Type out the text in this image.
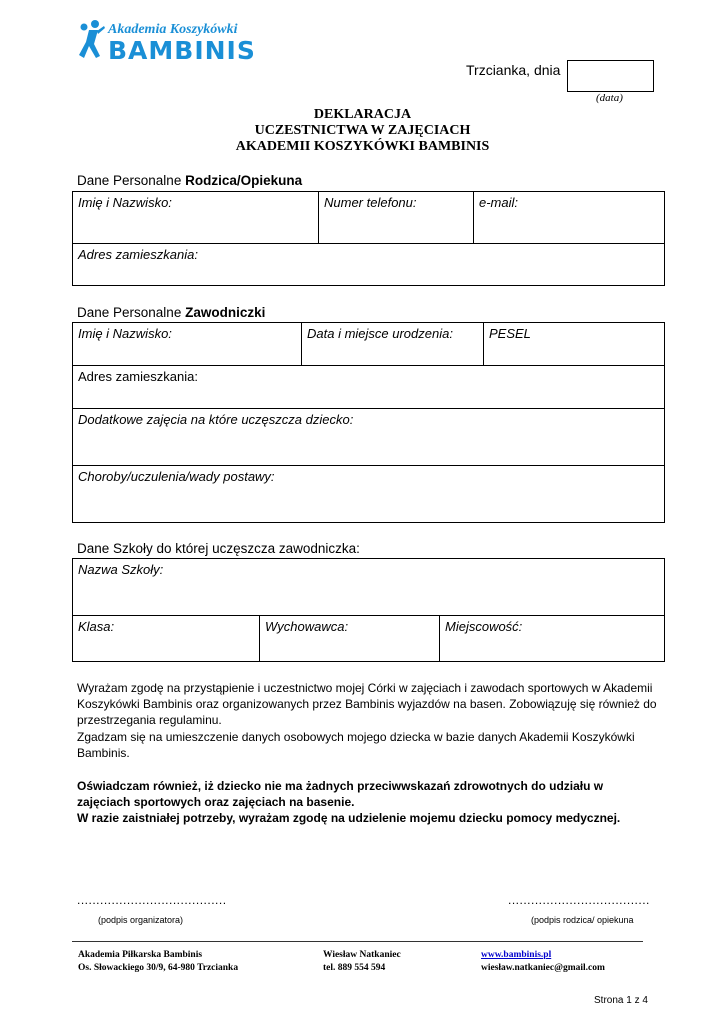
Akademia Koszykówki
BAMBINIS
Trzcianka, dnia
(data)
DEKLARACJA
UCZESTNICTWA W ZAJĘCIACH
AKADEMII KOSZYKÓWKI BAMBINIS
Dane Personalne Rodzica/Opiekuna
Imię i Nazwisko:	Numer telefonu:	e-mail:
Adres zamieszkania:
Dane Personalne Zawodniczki
Imię i Nazwisko:	Data i miejsce urodzenia:	PESEL
Adres zamieszkania:
Dodatkowe zajęcia na które uczęszcza dziecko:
Choroby/uczulenia/wady postawy:
Dane Szkoły do której uczęszcza zawodniczka:
Nazwa Szkoły:
Klasa:	Wychowawca:	Miejscowość:
Wyrażam zgodę na przystąpienie i uczestnictwo mojej Córki w zajęciach i zawodach sportowych w Akademii Koszykówki Bambinis oraz organizowanych przez Bambinis wyjazdów na basen. Zobowiązuję się również do przestrzegania regulaminu.
Zgadzam się na umieszczenie danych osobowych mojego dziecka w bazie danych Akademii Koszykówki Bambinis.
Oświadczam również, iż dziecko nie ma żadnych przeciwwskazań zdrowotnych do udziału w zajęciach sportowych oraz zajęciach na basenie.
W razie zaistniałej potrzeby, wyrażam zgodę na udzielenie mojemu dziecku pomocy medycznej.
.......................................	.....................................
(podpis organizatora)	(podpis rodzica/ opiekuna
Akademia Piłkarska Bambinis
Os. Słowackiego 30/9, 64-980 Trzcianka
Wiesław Natkaniec
tel. 889 554 594
www.bambinis.pl
wiesław.natkaniec@gmail.com
Strona 1 z 4
